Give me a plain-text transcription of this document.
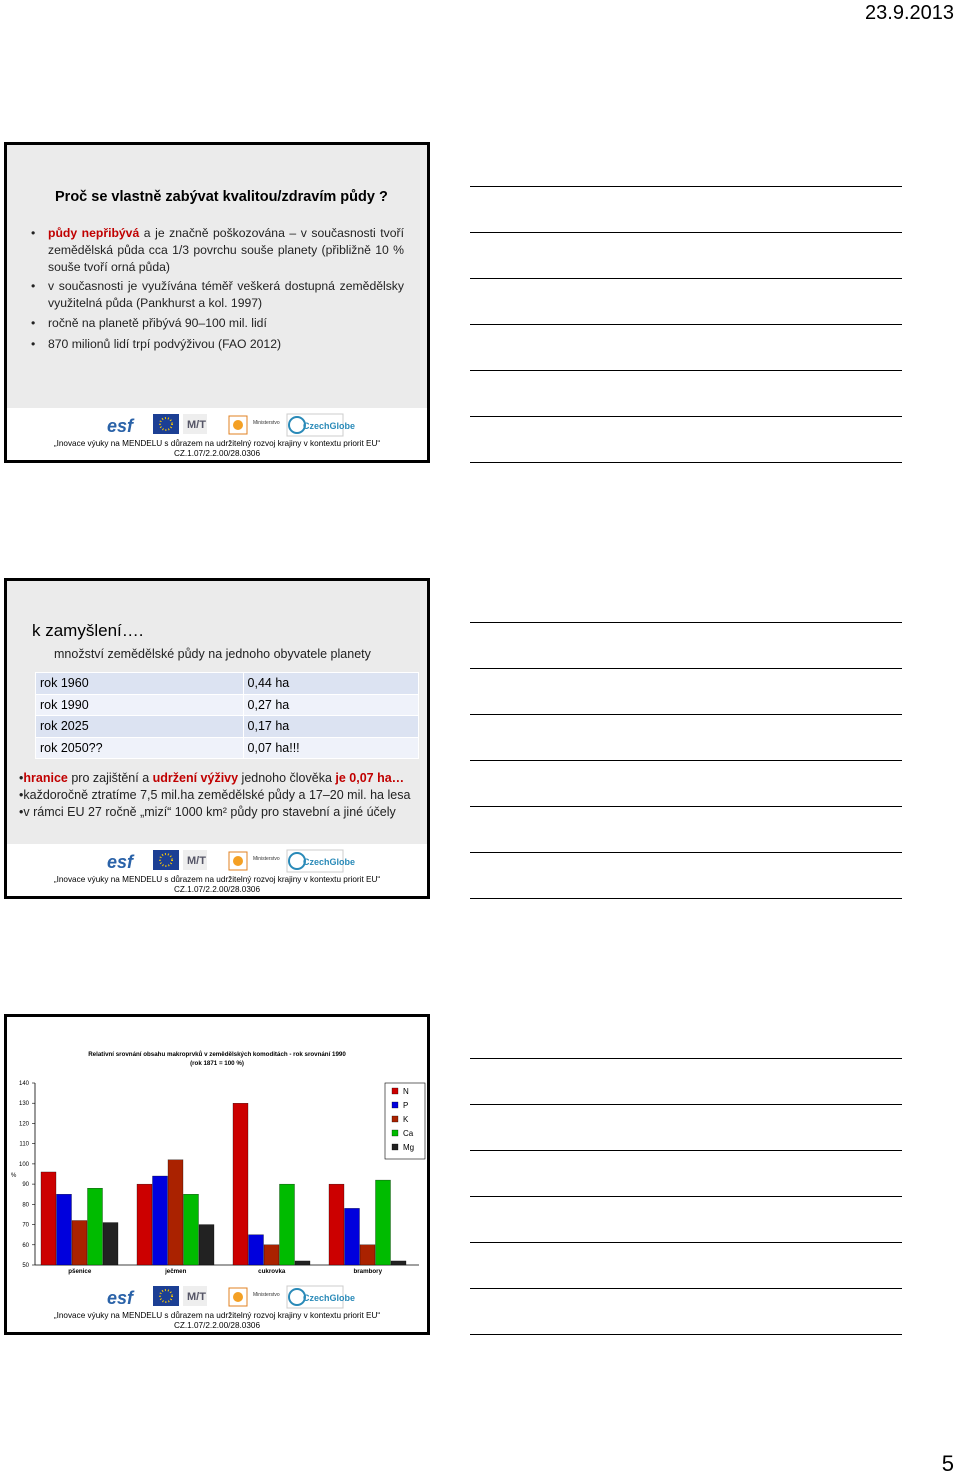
23.9.2013
Proč se vlastně zabývat kvalitou/zdravím půdy ?
• půdy nepřibývá a je značně poškozována – v současnosti tvoří zemědělská půda cca 1/3 povrchu souše planety (přibližně 10 % souše tvoří orná půda)
• v současnosti je využívána téměř veškerá dostupná zemědělsky využitelná půda (Pankhurst a kol. 1997)
• ročně na planetě přibývá 90–100 mil. lidí
• 870 milionů lidí trpí podvýživou (FAO 2012)
esf	M/T	Ministerstvo	CzechGlobe
„Inovace výuky na MENDELU s důrazem na udržitelný rozvoj krajiny v kontextu priorit EU“
CZ.1.07/2.2.00/28.0306
k zamyšlení….
množství zemědělské půdy na jednoho obyvatele planety
rok 1960	0,44 ha
rok 1990	0,27 ha
rok 2025	0,17 ha
rok 2050??	0,07 ha!!!
•hranice pro zajištění a udržení výživy jednoho člověka je 0,07 ha…
•každoročně ztratíme 7,5 mil.ha zemědělské půdy a 17–20 mil. ha lesa
•v rámci EU 27 ročně „mizí“ 1000 km² půdy pro stavební a jiné účely
esf	M/T	Ministerstvo	CzechGlobe
„Inovace výuky na MENDELU s důrazem na udržitelný rozvoj krajiny v kontextu priorit EU“
CZ.1.07/2.2.00/28.0306
Relativní srovnání obsahu makroprvků v zemědělských komoditách - rok srovnání 1990
(rok 1871 = 100 %)
%
50
60
70
80
90
100
110
120
130
140
pšenice	ječmen	cukrovka	brambory
N
P
K
Ca
Mg
esf	M/T	Ministerstvo	CzechGlobe
„Inovace výuky na MENDELU s důrazem na udržitelný rozvoj krajiny v kontextu priorit EU“
CZ.1.07/2.2.00/28.0306
5
